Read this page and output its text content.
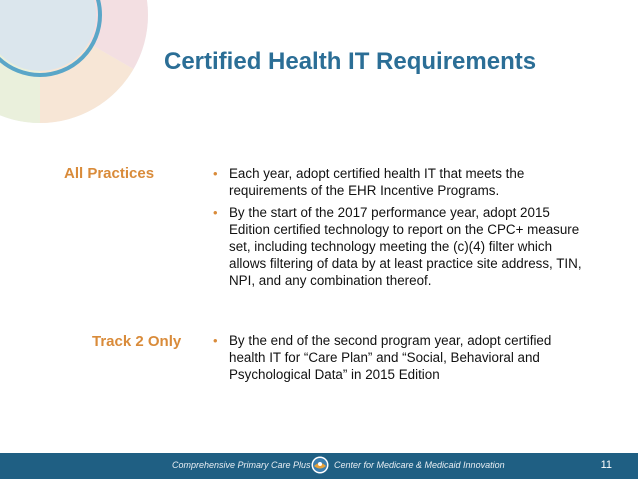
Certified Health IT Requirements
All Practices	• Each year, adopt certified health IT that meets the requirements of the EHR Incentive Programs.
• By the start of the 2017 performance year, adopt 2015 Edition certified technology to report on the CPC+ measure set, including technology meeting the (c)(4) filter which allows filtering of data by at least practice site address, TIN, NPI, and any combination thereof.
Track 2 Only • By the end of the second program year, adopt certified health IT for “Care Plan” and “Social, Behavioral and Psychological Data” in 2015 Edition
Comprehensive Primary Care Plus	Center for Medicare & Medicaid Innovation	11
